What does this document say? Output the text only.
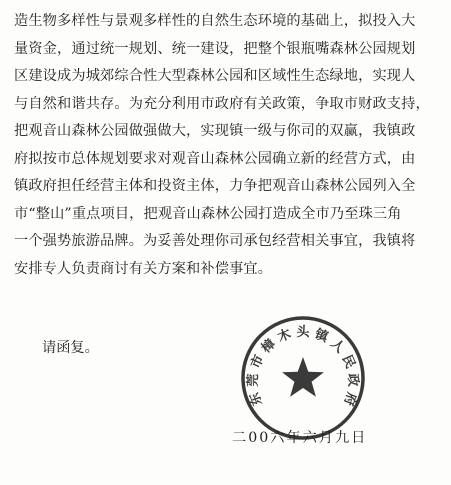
造生物多样性与景观多样性的自然生态环境的基础上，拟投入大
量资金，通过统一规划、统一建设，把整个银瓶嘴森林公园规划
区建设成为城郊综合性大型森林公园和区域性生态绿地，实现人
与自然和谐共存。为充分利用市政府有关政策，争取市财政支持，
把观音山森林公园做强做大，实现镇一级与你司的双赢，我镇政
府拟按市总体规划要求对观音山森林公园确立新的经营方式，由
镇政府担任经营主体和投资主体，力争把观音山森林公园列入全
市“整山”重点项目，把观音山森林公园打造成全市乃至珠三角
一个强势旅游品牌。为妥善处理你司承包经营相关事宜，我镇将
安排专人负责商讨有关方案和补偿事宜。
请函复。
东 莞 市 樟 木 头 镇 人 民 政 府
二00六年六月九日
